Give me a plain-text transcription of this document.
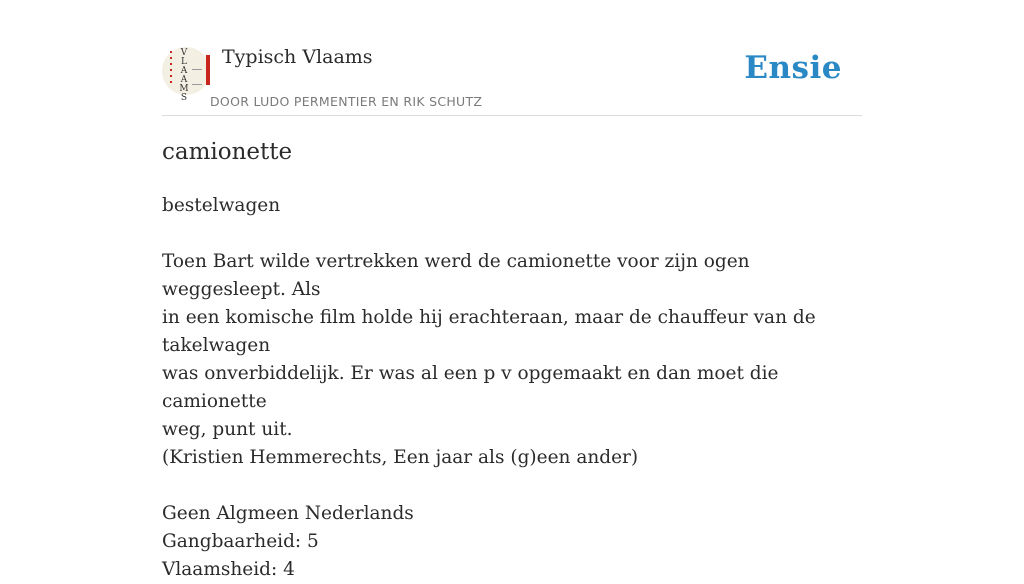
V
L
A
A
M
S
Typisch Vlaams
DOOR LUDO PERMENTIER EN RIK SCHUTZ
Ensie
camionette

bestelwagen

Toen Bart wilde vertrekken werd de camionette voor zijn ogen weggesleept. Als

in een komische film holde hij erachteraan, maar de chauffeur van de takelwagen

was onverbiddelijk. Er was al een p v opgemaakt en dan moet die camionette

weg, punt uit.

(Kristien Hemmerechts, Een jaar als (g)een ander)

Geen Algmeen Nederlands

Gangbaarheid: 5

Vlaamsheid: 4
